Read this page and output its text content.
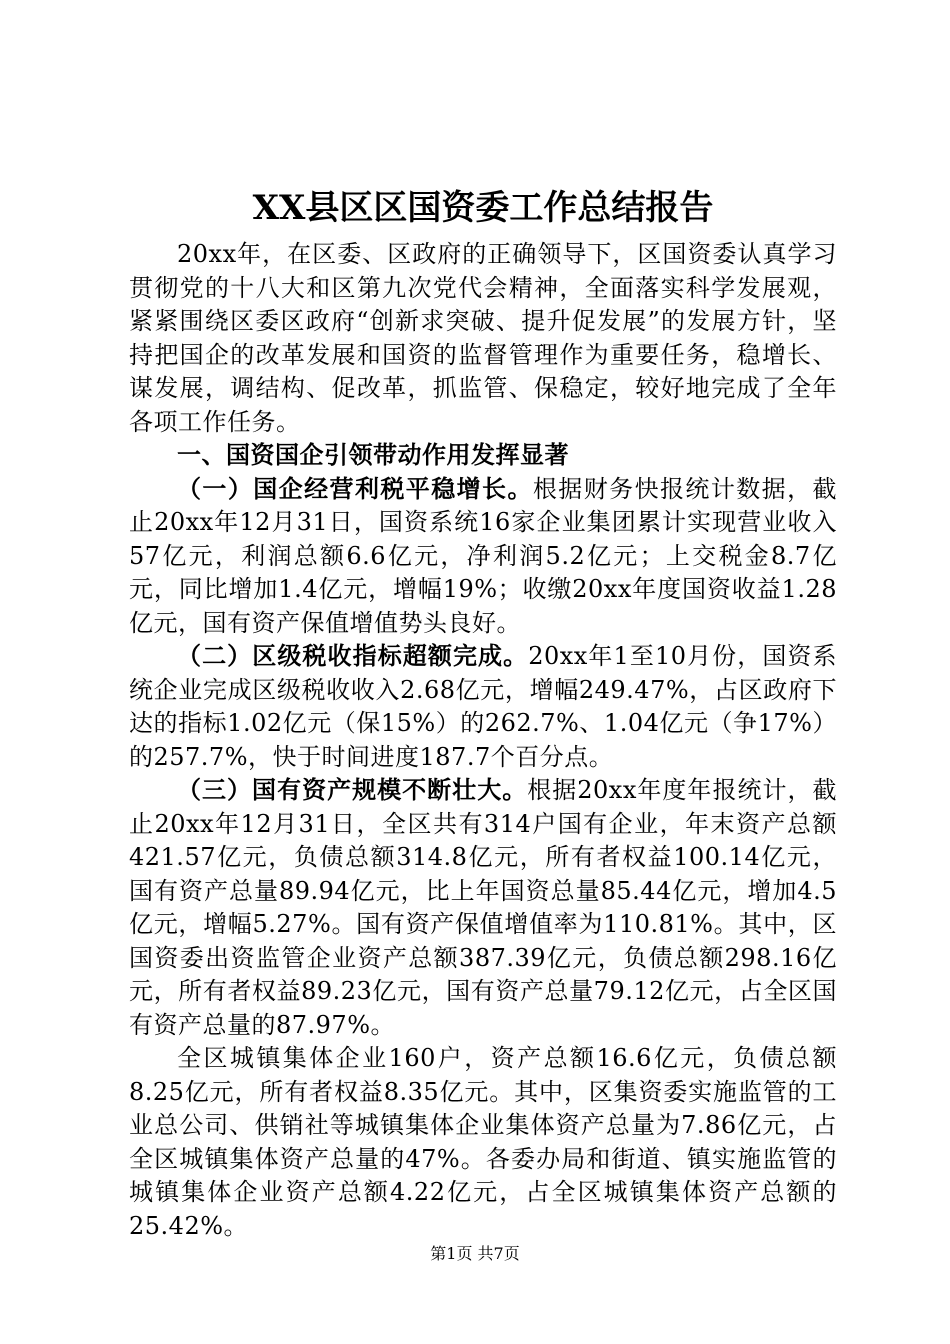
XX县区区国资委工作总结报告

20xx年，在区委、区政府的正确领导下，区国资委认真学习贯彻党的十八大和区第九次党代会精神，全面落实科学发展观，紧紧围绕区委区政府“创新求突破、提升促发展”的发展方针，坚持把国企的改革发展和国资的监督管理作为重要任务，稳增长、谋发展，调结构、促改革，抓监管、保稳定，较好地完成了全年各项工作任务。

一、国资国企引领带动作用发挥显著

（一）国企经营利税平稳增长。根据财务快报统计数据，截止20xx年12月31日，国资系统16家企业集团累计实现营业收入57亿元，利润总额6.6亿元，净利润5.2亿元；上交税金8.7亿元，同比增加1.4亿元，增幅19%；收缴20xx年度国资收益1.28亿元，国有资产保值增值势头良好。

（二）区级税收指标超额完成。20xx年1至10月份，国资系统企业完成区级税收收入2.68亿元，增幅249.47%，占区政府下达的指标1.02亿元（保15%）的262.7%、1.04亿元（争17%）的257.7%，快于时间进度187.7个百分点。

（三）国有资产规模不断壮大。根据20xx年度年报统计，截止20xx年12月31日，全区共有314户国有企业，年末资产总额421.57亿元，负债总额314.8亿元，所有者权益100.14亿元，国有资产总量89.94亿元，比上年国资总量85.44亿元，增加4.5亿元，增幅5.27%。国有资产保值增值率为110.81%。其中，区国资委出资监管企业资产总额387.39亿元，负债总额298.16亿元，所有者权益89.23亿元，国有资产总量79.12亿元，占全区国有资产总量的87.97%。

全区城镇集体企业160户，资产总额16.6亿元，负债总额8.25亿元，所有者权益8.35亿元。其中，区集资委实施监管的工业总公司、供销社等城镇集体企业集体资产总量为7.86亿元，占全区城镇集体资产总量的47%。各委办局和街道、镇实施监管的城镇集体企业资产总额4.22亿元，占全区城镇集体资产总额的25.42%。

第1页 共7页
